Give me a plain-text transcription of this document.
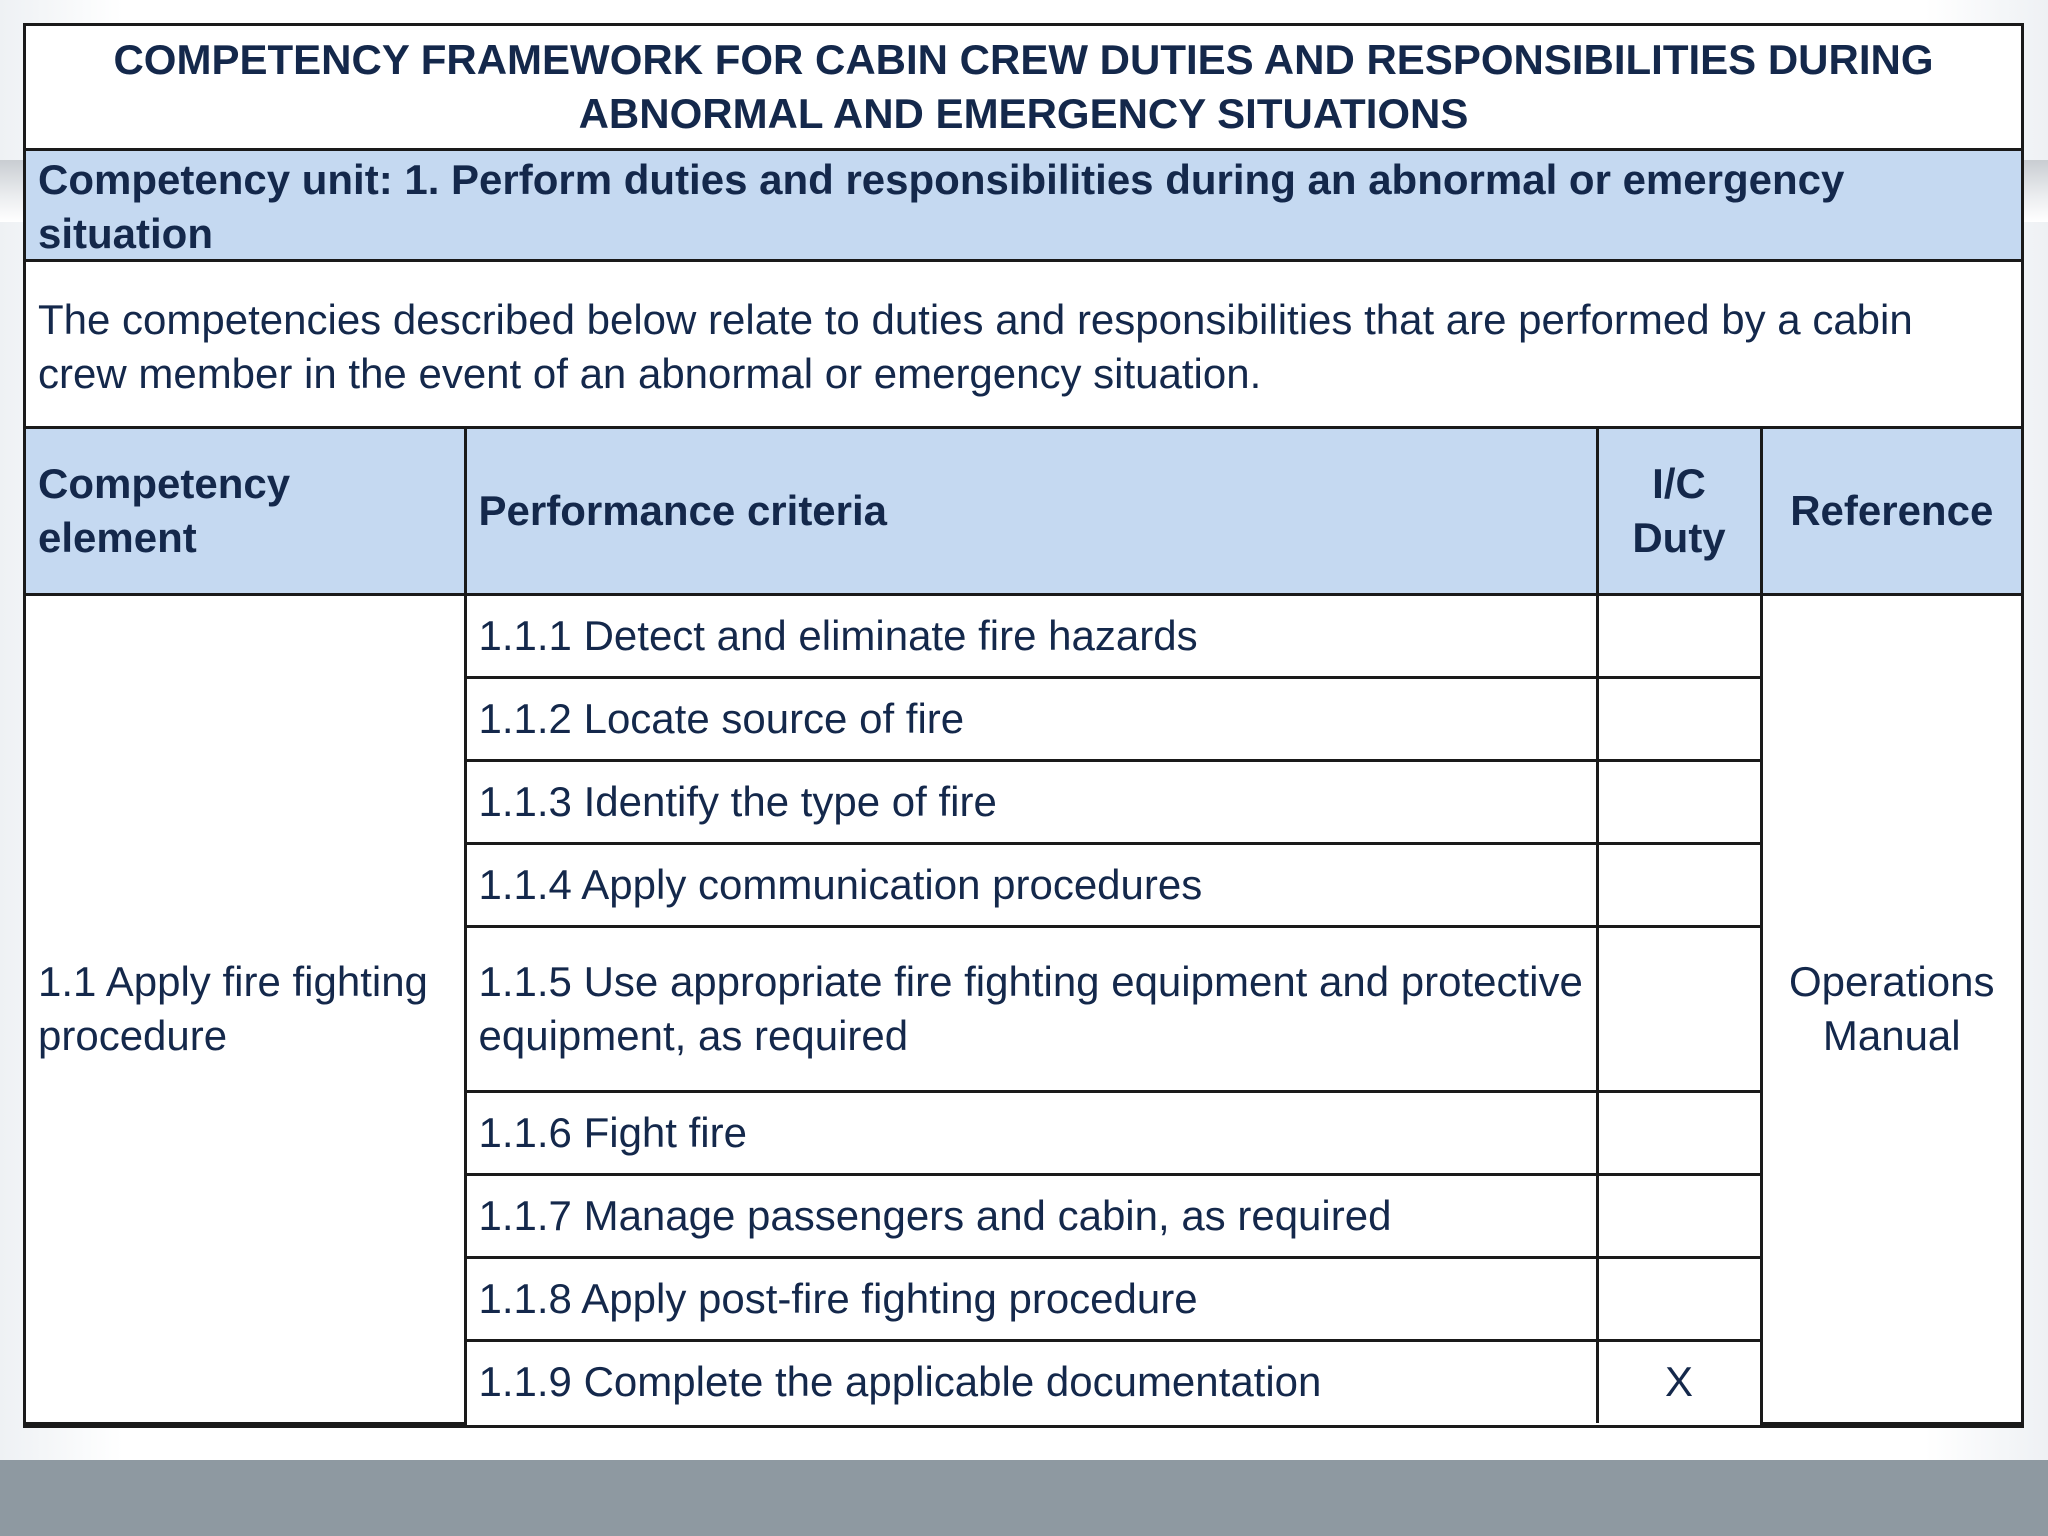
COMPETENCY FRAMEWORK FOR CABIN CREW DUTIES AND RESPONSIBILITIES DURING ABNORMAL AND EMERGENCY SITUATIONS
Competency unit: 1. Perform duties and responsibilities during an abnormal or emergency situation
The competencies described below relate to duties and responsibilities that are performed by a cabin crew member in the event of an abnormal or emergency situation.
Competency element	Performance criteria	I/C Duty	Reference
1.1 Apply fire fighting procedure	1.1.1 Detect and eliminate fire hazards		Operations Manual
	1.1.2 Locate source of fire		
	1.1.3 Identify the type of fire		
	1.1.4 Apply communication procedures		
	1.1.5 Use appropriate fire fighting equipment and protective equipment, as required		
	1.1.6 Fight fire		
	1.1.7 Manage passengers and cabin, as required		
	1.1.8 Apply post-fire fighting procedure		
	1.1.9 Complete the applicable documentation	X	
